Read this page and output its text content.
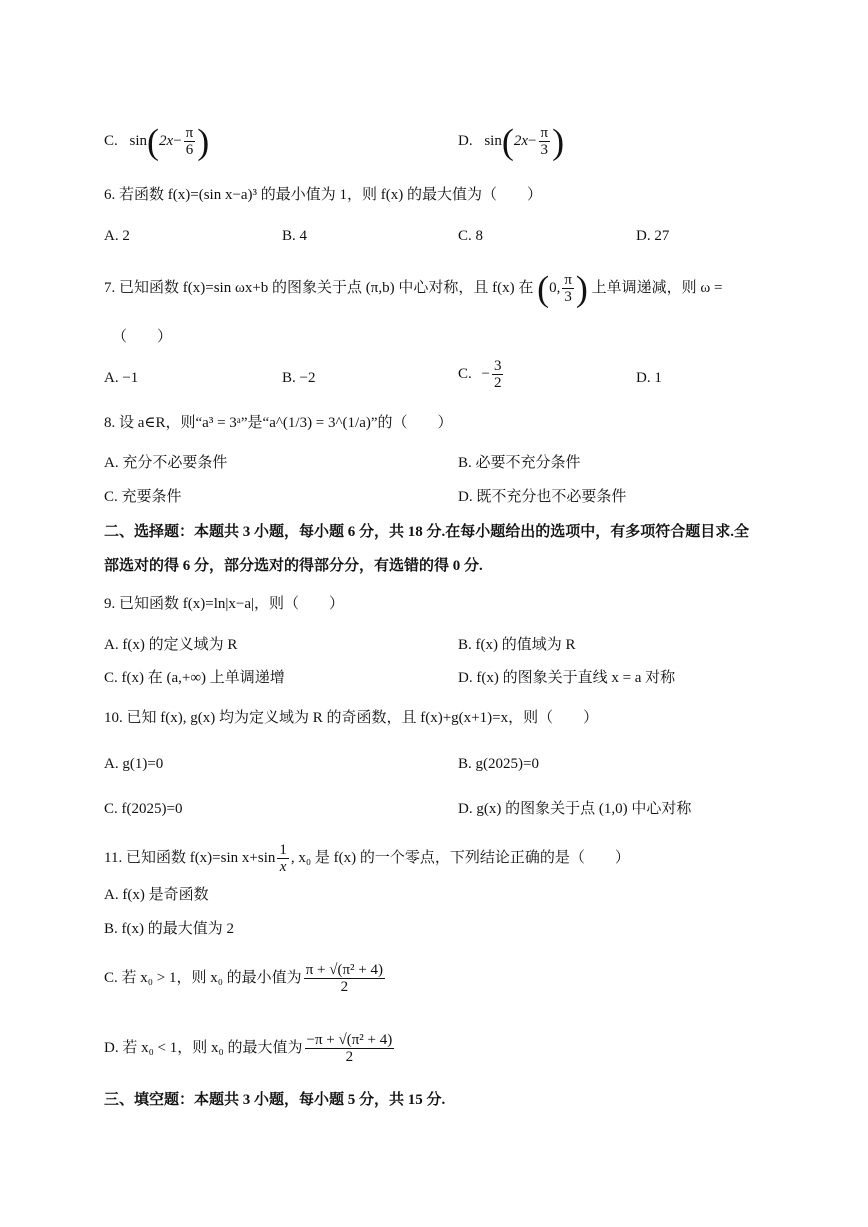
C. $\sin(2x- \frac{\pi}{6}$ )	D. $\sin(2x- \frac{\pi}{3}$ )
6. 若函数 f(x)=(sin x−a)³ 的最小值为 1，则 f(x) 的最大值为（　　）
A. 2	B. 4	C. 8	D. 27
7. 已知函数 f(x)=sin ωx+b 的图象关于点 (π,b) 中心对称，且 f(x) 在 (0, $\frac{\pi}{3}$ ) 上单调递减，则 ω =
（　　）
A. −1	B. −2	C. − $\frac{3}{2}$	D. 1
8. 设 a∈R，则“a³ = 3ᵃ”是“a^(1/3) = 3^(1/a)”的（　　）
A. 充分不必要条件	B. 必要不充分条件
C. 充要条件	D. 既不充分也不必要条件
二、选择题：本题共 3 小题，每小题 6 分，共 18 分.在每小题给出的选项中，有多项符合题目求.全
部选对的得 6 分，部分选对的得部分分，有选错的得 0 分.
9. 已知函数 f(x)=ln|x−a|，则（　　）
A. f(x) 的定义域为 R	B. f(x) 的值域为 R
C. f(x) 在 (a,+∞) 上单调递增	D. f(x) 的图象关于直线 x = a 对称
10. 已知 f(x), g(x) 均为定义域为 R 的奇函数，且 f(x)+g(x+1)=x，则（　　）
A. g(1)=0	B. g(2025)=0
C. f(2025)=0	D. g(x) 的图象关于点 (1,0) 中心对称
11. 已知函数 f(x)=sin $x+\sin \frac{1}{x}$ , x₀ 是 f(x) 的一个零点，下列结论正确的是（　　）
A. f(x) 是奇函数
B. f(x) 的最大值为 2
C. 若 x₀ > 1，则 x₀ 的最小值为 $\frac{\text{π + √(π² + 4)}}{2}$
D. 若 x₀ < 1，则 x₀ 的最大值为 $\frac{\text{−π + √(π² + 4)}}{2}$
三、填空题：本题共 3 小题，每小题 5 分，共 15 分.
